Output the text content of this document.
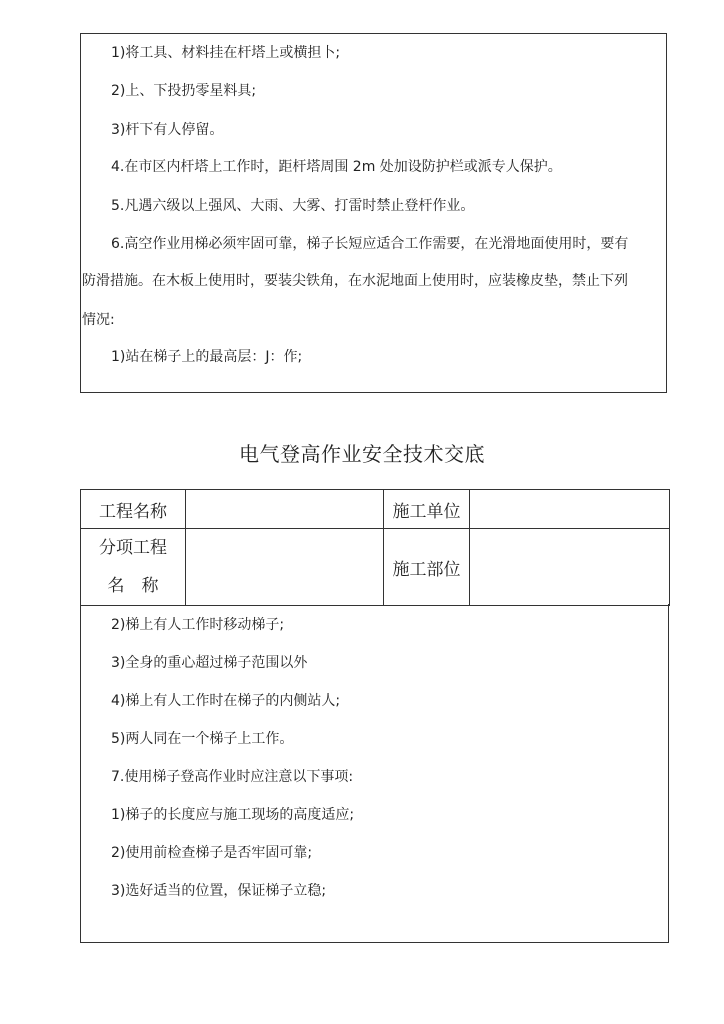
1)将工具、材料挂在杆塔上或横担卜;
2)上、下投扔零星料具;
3)杆下有人停留。
4.在市区内杆塔上工作时，距杆塔周围 2m 处加设防护栏或派专人保护。
5.凡遇六级以上强风、大雨、大雾、打雷时禁止登杆作业。
6.高空作业用梯必须牢固可靠，梯子长短应适合工作需要，在光滑地面使用时，要有
防滑措施。在木板上使用时，要装尖铁角，在水泥地面上使用时，应装橡皮垫，禁止下列
情况:
1)站在梯子上的最高层：J：作;
电气登高作业安全技术交底
工程名称		施工单位	

分项工程
名　称		施工部位	
2)梯上有人工作时移动梯子;
3)全身的重心超过梯子范围以外
4)梯上有人工作时在梯子的内侧站人;
5)两人同在一个梯子上工作。
7.使用梯子登高作业时应注意以下事项:
1)梯子的长度应与施工现场的高度适应;
2)使用前检查梯子是否牢固可靠;
3)选好适当的位置，保证梯子立稳;
